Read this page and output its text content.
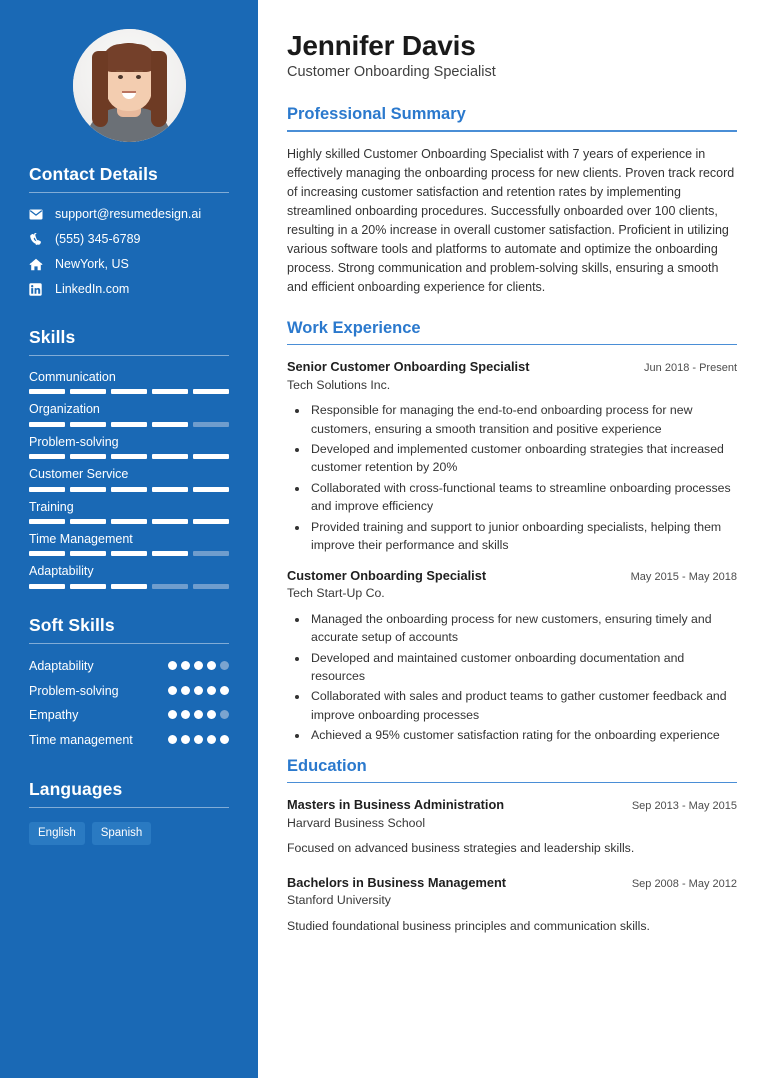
Contact Details
support@resumedesign.ai
(555) 345-6789
NewYork, US
LinkedIn.com
Skills
Communication
Organization
Problem-solving
Customer Service
Training
Time Management
Adaptability
Soft Skills
Adaptability
Problem-solving
Empathy
Time management
Languages
English	Spanish
Jennifer Davis
Customer Onboarding Specialist
Professional Summary

Highly skilled Customer Onboarding Specialist with 7 years of experience in effectively managing the onboarding process for new clients. Proven track record of increasing customer satisfaction and retention rates by implementing streamlined onboarding procedures. Successfully onboarded over 100 clients, resulting in a 20% increase in overall customer satisfaction. Proficient in utilizing various software tools and platforms to automate and optimize the onboarding process. Strong communication and problem-solving skills, ensuring a smooth and efficient onboarding experience for clients.

Work Experience
Senior Customer Onboarding Specialist	Jun 2018 - Present
Tech Solutions Inc.
• Responsible for managing the end-to-end onboarding process for new customers, ensuring a smooth transition and positive experience
• Developed and implemented customer onboarding strategies that increased customer retention by 20%
• Collaborated with cross-functional teams to streamline onboarding processes and improve efficiency
• Provided training and support to junior onboarding specialists, helping them improve their performance and skills
Customer Onboarding Specialist	May 2015 - May 2018
Tech Start-Up Co.
• Managed the onboarding process for new customers, ensuring timely and accurate setup of accounts
• Developed and maintained customer onboarding documentation and resources
• Collaborated with sales and product teams to gather customer feedback and improve onboarding processes
• Achieved a 95% customer satisfaction rating for the onboarding experience
Education
Masters in Business Administration	Sep 2013 - May 2015
Harvard Business School
Focused on advanced business strategies and leadership skills.
Bachelors in Business Management	Sep 2008 - May 2012
Stanford University
Studied foundational business principles and communication skills.
